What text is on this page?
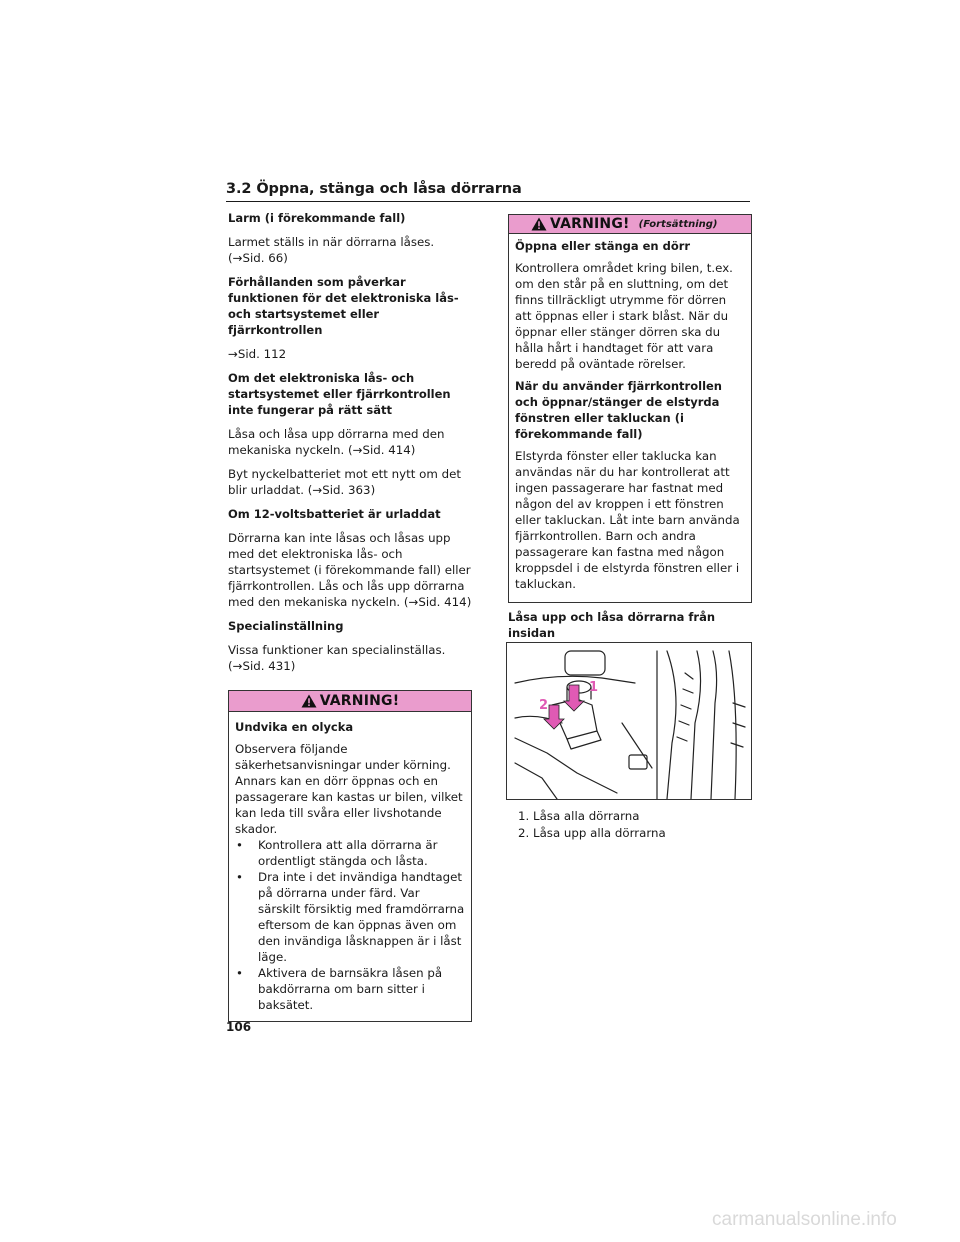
3.2 Öppna, stänga och låsa dörrarna
Larm (i förekommande fall)
Larmet ställs in när dörrarna låses.
(→Sid. 66)
Förhållanden som påverkar funktionen för det elektroniska lås- och startsystemet eller fjärrkontrollen
→Sid. 112
Om det elektroniska lås- och startsystemet eller fjärrkontrollen inte fungerar på rätt sätt
Låsa och låsa upp dörrarna med den mekaniska nyckeln. (→Sid. 414)
Byt nyckelbatteriet mot ett nytt om det blir urladdat. (→Sid. 363)
Om 12-voltsbatteriet är urladdat
Dörrarna kan inte låsas och låsas upp med det elektroniska lås- och startsystemet (i förekommande fall) eller fjärrkontrollen. Lås och lås upp dörrarna med den mekaniska nyckeln. (→Sid. 414)
Specialinställning
Vissa funktioner kan specialinställas.
(→Sid. 431)
VARNING!
Undvika en olycka
Observera följande säkerhetsanvisningar under körning. Annars kan en dörr öppnas och en passagerare kan kastas ur bilen, vilket kan leda till svåra eller livshotande skador.
• Kontrollera att alla dörrarna är ordentligt stängda och låsta.
• Dra inte i det invändiga handtaget på dörrarna under färd. Var särskilt försiktig med framdörrarna eftersom de kan öppnas även om den invändiga låsknappen är i låst läge.
• Aktivera de barnsäkra låsen på bakdörrarna om barn sitter i baksätet.
VARNING! (Fortsättning)
Öppna eller stänga en dörr
Kontrollera området kring bilen, t.ex. om den står på en sluttning, om det finns tillräckligt utrymme för dörren att öppnas eller i stark blåst. När du öppnar eller stänger dörren ska du hålla hårt i handtaget för att vara beredd på oväntade rörelser.
När du använder fjärrkontrollen och öppnar/stänger de elstyrda fönstren eller takluckan (i förekommande fall)
Elstyrda fönster eller taklucka kan användas när du har kontrollerat att ingen passagerare har fastnat med någon del av kroppen i ett fönstren eller takluckan. Låt inte barn använda fjärrkontrollen. Barn och andra passagerare kan fastna med någon kroppsdel i de elstyrda fönstren eller i takluckan.
Låsa upp och låsa dörrarna från insidan
1
2
1. Låsa alla dörrarna
2. Låsa upp alla dörrarna
106
carmanualsonline.info
